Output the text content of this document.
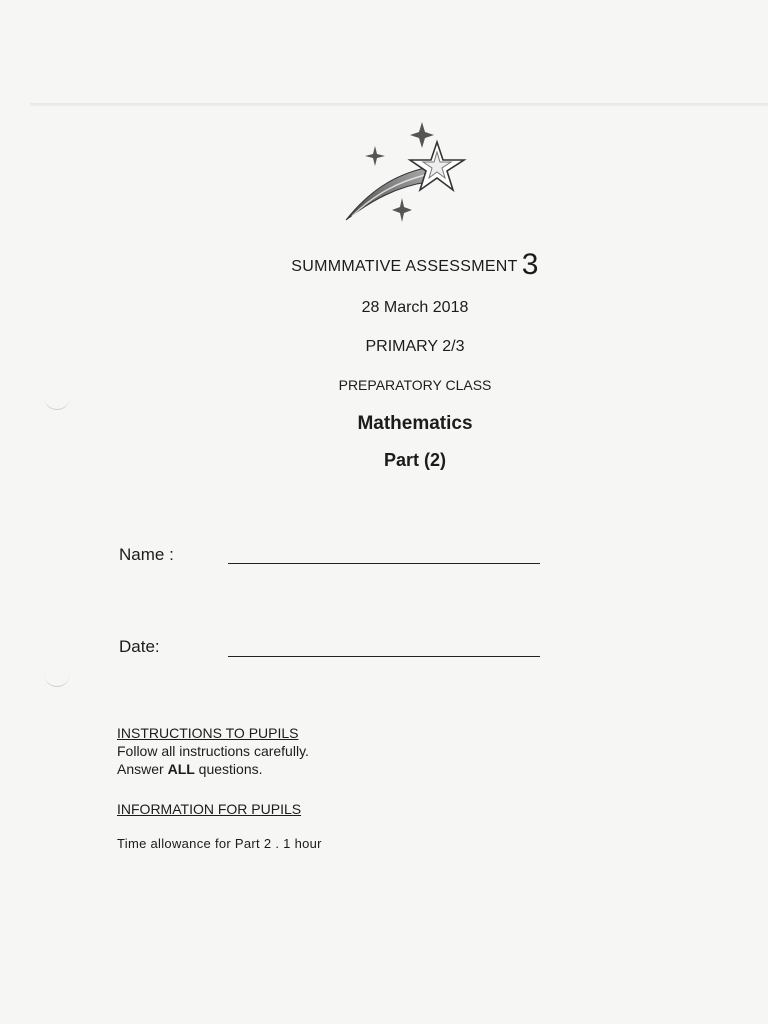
SUMMMATIVE ASSESSMENT 3
28 March 2018
PRIMARY 2/3
PREPARATORY CLASS
Mathematics
Part (2)
Name :
Date:
INSTRUCTIONS TO PUPILS
Follow all instructions carefully.
Answer ALL questions.
INFORMATION FOR PUPILS
Time allowance for Part 2 . 1 hour
